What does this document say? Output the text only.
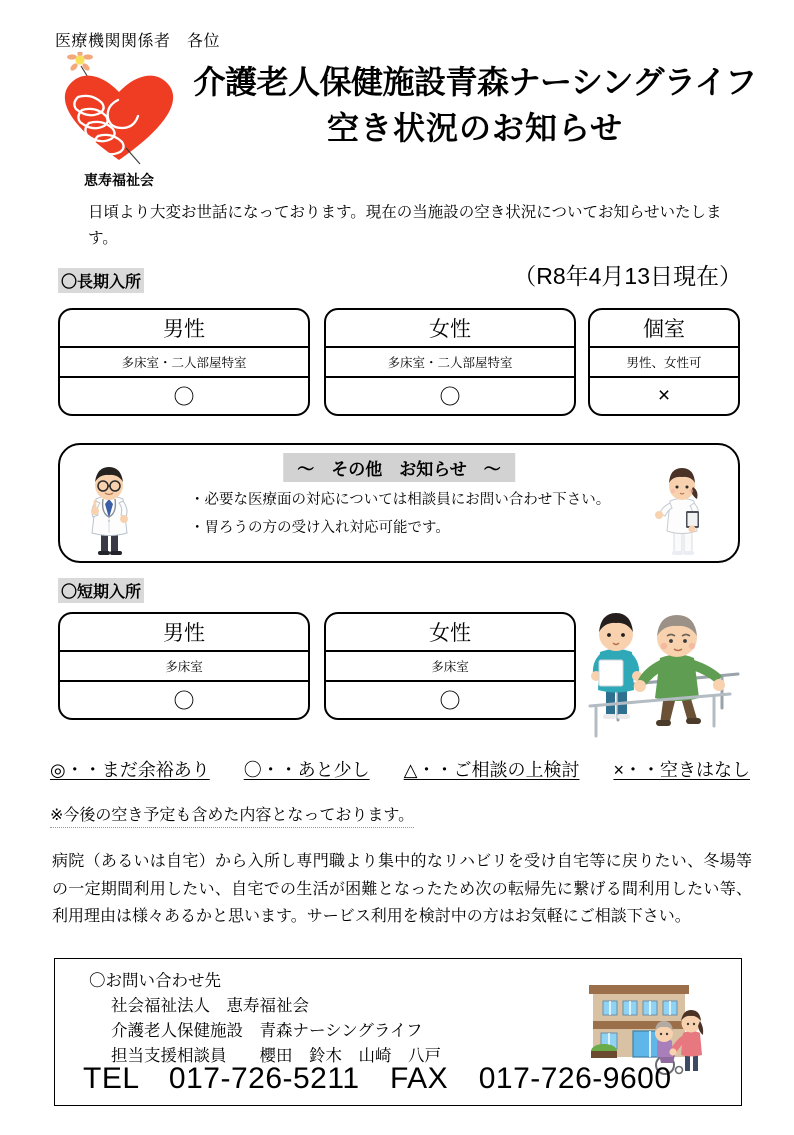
医療機関関係者　各位
恵寿福祉会
介護老人保健施設青森ナーシングライフ
空き状況のお知らせ
日頃より大変お世話になっております。現在の当施設の空き状況についてお知らせいたします。
〇長期入所	（R8年4月13日現在）
男性
多床室・二人部屋特室
〇
女性
多床室・二人部屋特室
〇
個室
男性、女性可
×
～　その他　お知らせ　～
・必要な医療面の対応については相談員にお問い合わせ下さい。
・胃ろうの方の受け入れ対応可能です。
〇短期入所
男性
多床室
〇
女性
多床室
〇
◎・・まだ余裕あり 〇・・あと少し △・・ご相談の上検討 ×・・空きはなし
※今後の空き予定も含めた内容となっております。
病院（あるいは自宅）から入所し専門職より集中的なリハビリを受け自宅等に戻りたい、冬場等の一定期間利用したい、自宅での生活が困難となったため次の転帰先に繋げる間利用したい等、利用理由は様々あるかと思います。サービス利用を検討中の方はお気軽にご相談下さい。
〇お問い合わせ先
社会福祉法人　恵寿福祉会
介護老人保健施設　青森ナーシングライフ
担当支援相談員　　櫻田　鈴木　山崎　八戸
TEL　017-726-5211　FAX　017-726-9600
